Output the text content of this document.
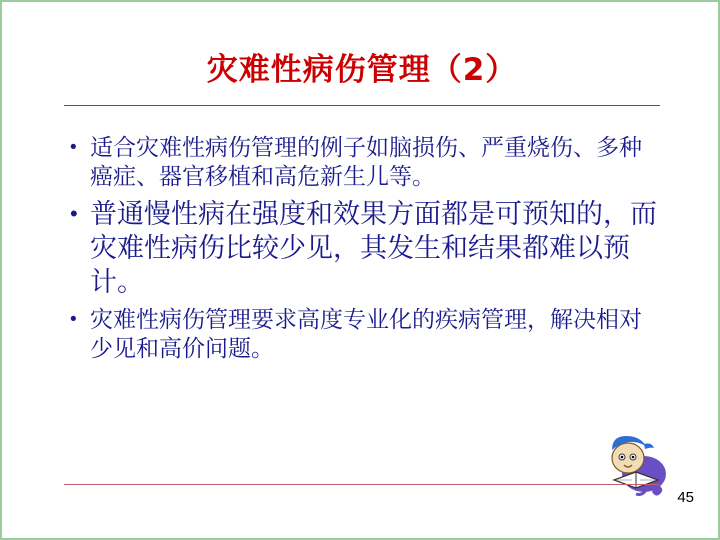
灾难性病伤管理（2）
• 适合灾难性病伤管理的例子如脑损伤、严重烧伤、多种癌症、器官移植和高危新生儿等。
• 普通慢性病在强度和效果方面都是可预知的，而灾难性病伤比较少见，其发生和结果都难以预计。
• 灾难性病伤管理要求高度专业化的疾病管理，解决相对少见和高价问题。
45
